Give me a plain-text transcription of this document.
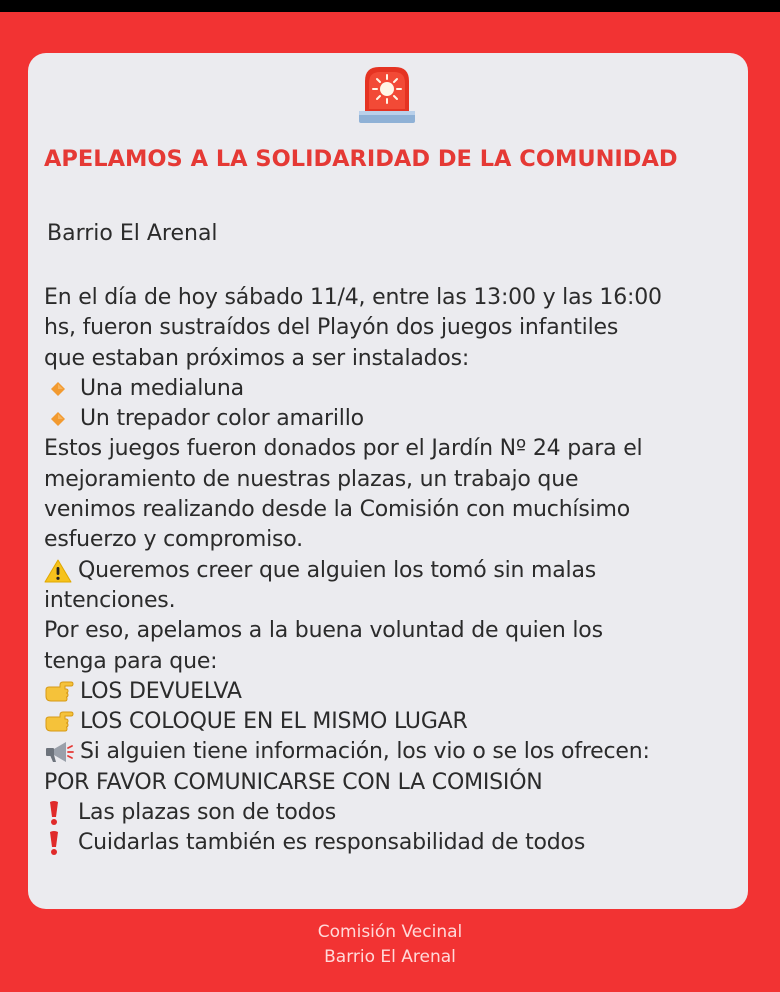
APELAMOS A LA SOLIDARIDAD DE LA COMUNIDAD
Barrio El Arenal
En el día de hoy sábado 11/4, entre las 13:00 y las 16:00
hs, fueron sustraídos del Playón dos juegos infantiles
que estaban próximos a ser instalados:
Una medialuna
Un trepador color amarillo
Estos juegos fueron donados por el Jardín Nº 24 para el
mejoramiento de nuestras plazas, un trabajo que
venimos realizando desde la Comisión con muchísimo
esfuerzo y compromiso.
Queremos creer que alguien los tomó sin malas
intenciones.
Por eso, apelamos a la buena voluntad de quien los
tenga para que:
LOS DEVUELVA
LOS COLOQUE EN EL MISMO LUGAR
Si alguien tiene información, los vio o se los ofrecen:
POR FAVOR COMUNICARSE CON LA COMISIÓN
Las plazas son de todos
Cuidarlas también es responsabilidad de todos
Comisión Vecinal
Barrio El Arenal
